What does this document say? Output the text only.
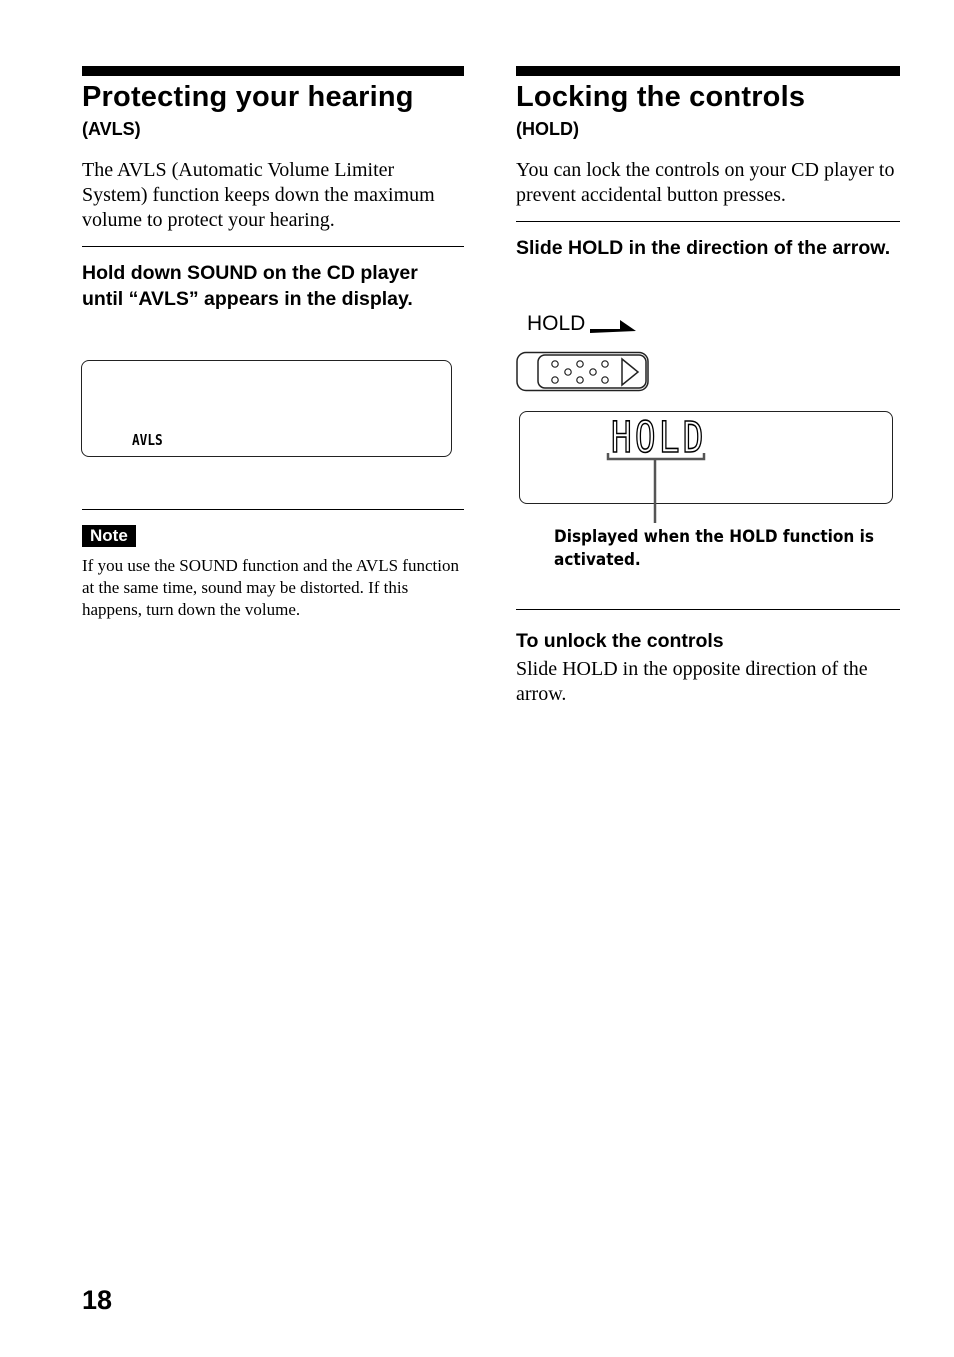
Protecting your hearing
(AVLS)

The AVLS (Automatic Volume Limiter System) function keeps down the maximum volume to protect your hearing.

Hold down SOUND on the CD player until “AVLS” appears in the display.

AVLS
Note

If you use the SOUND function and the AVLS function at the same time, sound may be distorted. If this happens, turn down the volume.

Locking the controls
(HOLD)

You can lock the controls on your CD player to prevent accidental button presses.

Slide HOLD in the direction of the arrow.

HOLD
HOLD
Displayed when the HOLD function is activated.

To unlock the controls

Slide HOLD in the opposite direction of the arrow.

18
